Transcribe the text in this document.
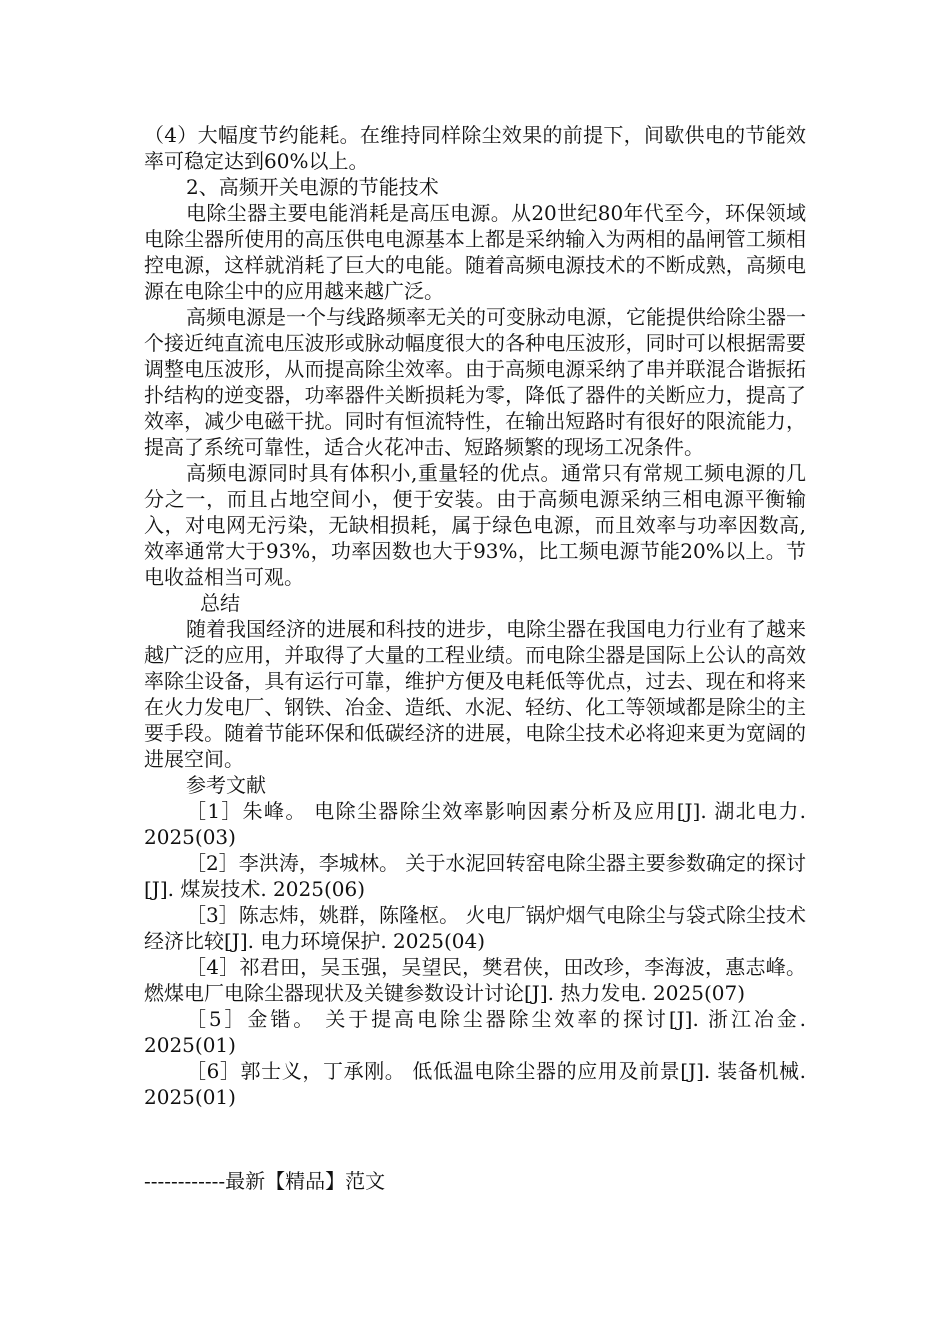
（4）大幅度节约能耗。在维持同样除尘效果的前提下，间歇供电的节能效率可稳定达到60%以上。

2、高频开关电源的节能技术

电除尘器主要电能消耗是高压电源。从20世纪80年代至今，环保领域电除尘器所使用的高压供电电源基本上都是采纳输入为两相的晶闸管工频相控电源，这样就消耗了巨大的电能。随着高频电源技术的不断成熟，高频电源在电除尘中的应用越来越广泛。

高频电源是一个与线路频率无关的可变脉动电源，它能提供给除尘器一个接近纯直流电压波形或脉动幅度很大的各种电压波形，同时可以根据需要调整电压波形，从而提高除尘效率。由于高频电源采纳了串并联混合谐振拓扑结构的逆变器，功率器件关断损耗为零，降低了器件的关断应力，提高了效率，减少电磁干扰。同时有恒流特性，在输出短路时有很好的限流能力，提高了系统可靠性，适合火花冲击、短路频繁的现场工况条件。

高频电源同时具有体积小,重量轻的优点。通常只有常规工频电源的几分之一，而且占地空间小，便于安装。由于高频电源采纳三相电源平衡输入，对电网无污染，无缺相损耗，属于绿色电源，而且效率与功率因数高,效率通常大于93%，功率因数也大于93%，比工频电源节能20%以上。节电收益相当可观。

总结

随着我国经济的进展和科技的进步，电除尘器在我国电力行业有了越来越广泛的应用，并取得了大量的工程业绩。而电除尘器是国际上公认的高效率除尘设备，具有运行可靠，维护方便及电耗低等优点，过去、现在和将来在火力发电厂、钢铁、冶金、造纸、水泥、轻纺、化工等领域都是除尘的主要手段。随着节能环保和低碳经济的进展，电除尘技术必将迎来更为宽阔的进展空间。

参考文献

［1］朱峰。 电除尘器除尘效率影响因素分析及应用[J]. 湖北电力. 2025(03)

［2］李洪涛，李城林。 关于水泥回转窑电除尘器主要参数确定的探讨[J]. 煤炭技术. 2025(06)

［3］陈志炜，姚群，陈隆枢。 火电厂锅炉烟气电除尘与袋式除尘技术经济比较[J]. 电力环境保护. 2025(04)

［4］祁君田，吴玉强，吴望民，樊君侠，田改珍，李海波，惠志峰。 燃煤电厂电除尘器现状及关键参数设计讨论[J]. 热力发电. 2025(07)

［5］金锴。 关于提高电除尘器除尘效率的探讨[J]. 浙江冶金. 2025(01)

［6］郭士义，丁承刚。 低低温电除尘器的应用及前景[J]. 装备机械. 2025(01)

------------最新【精品】范文
